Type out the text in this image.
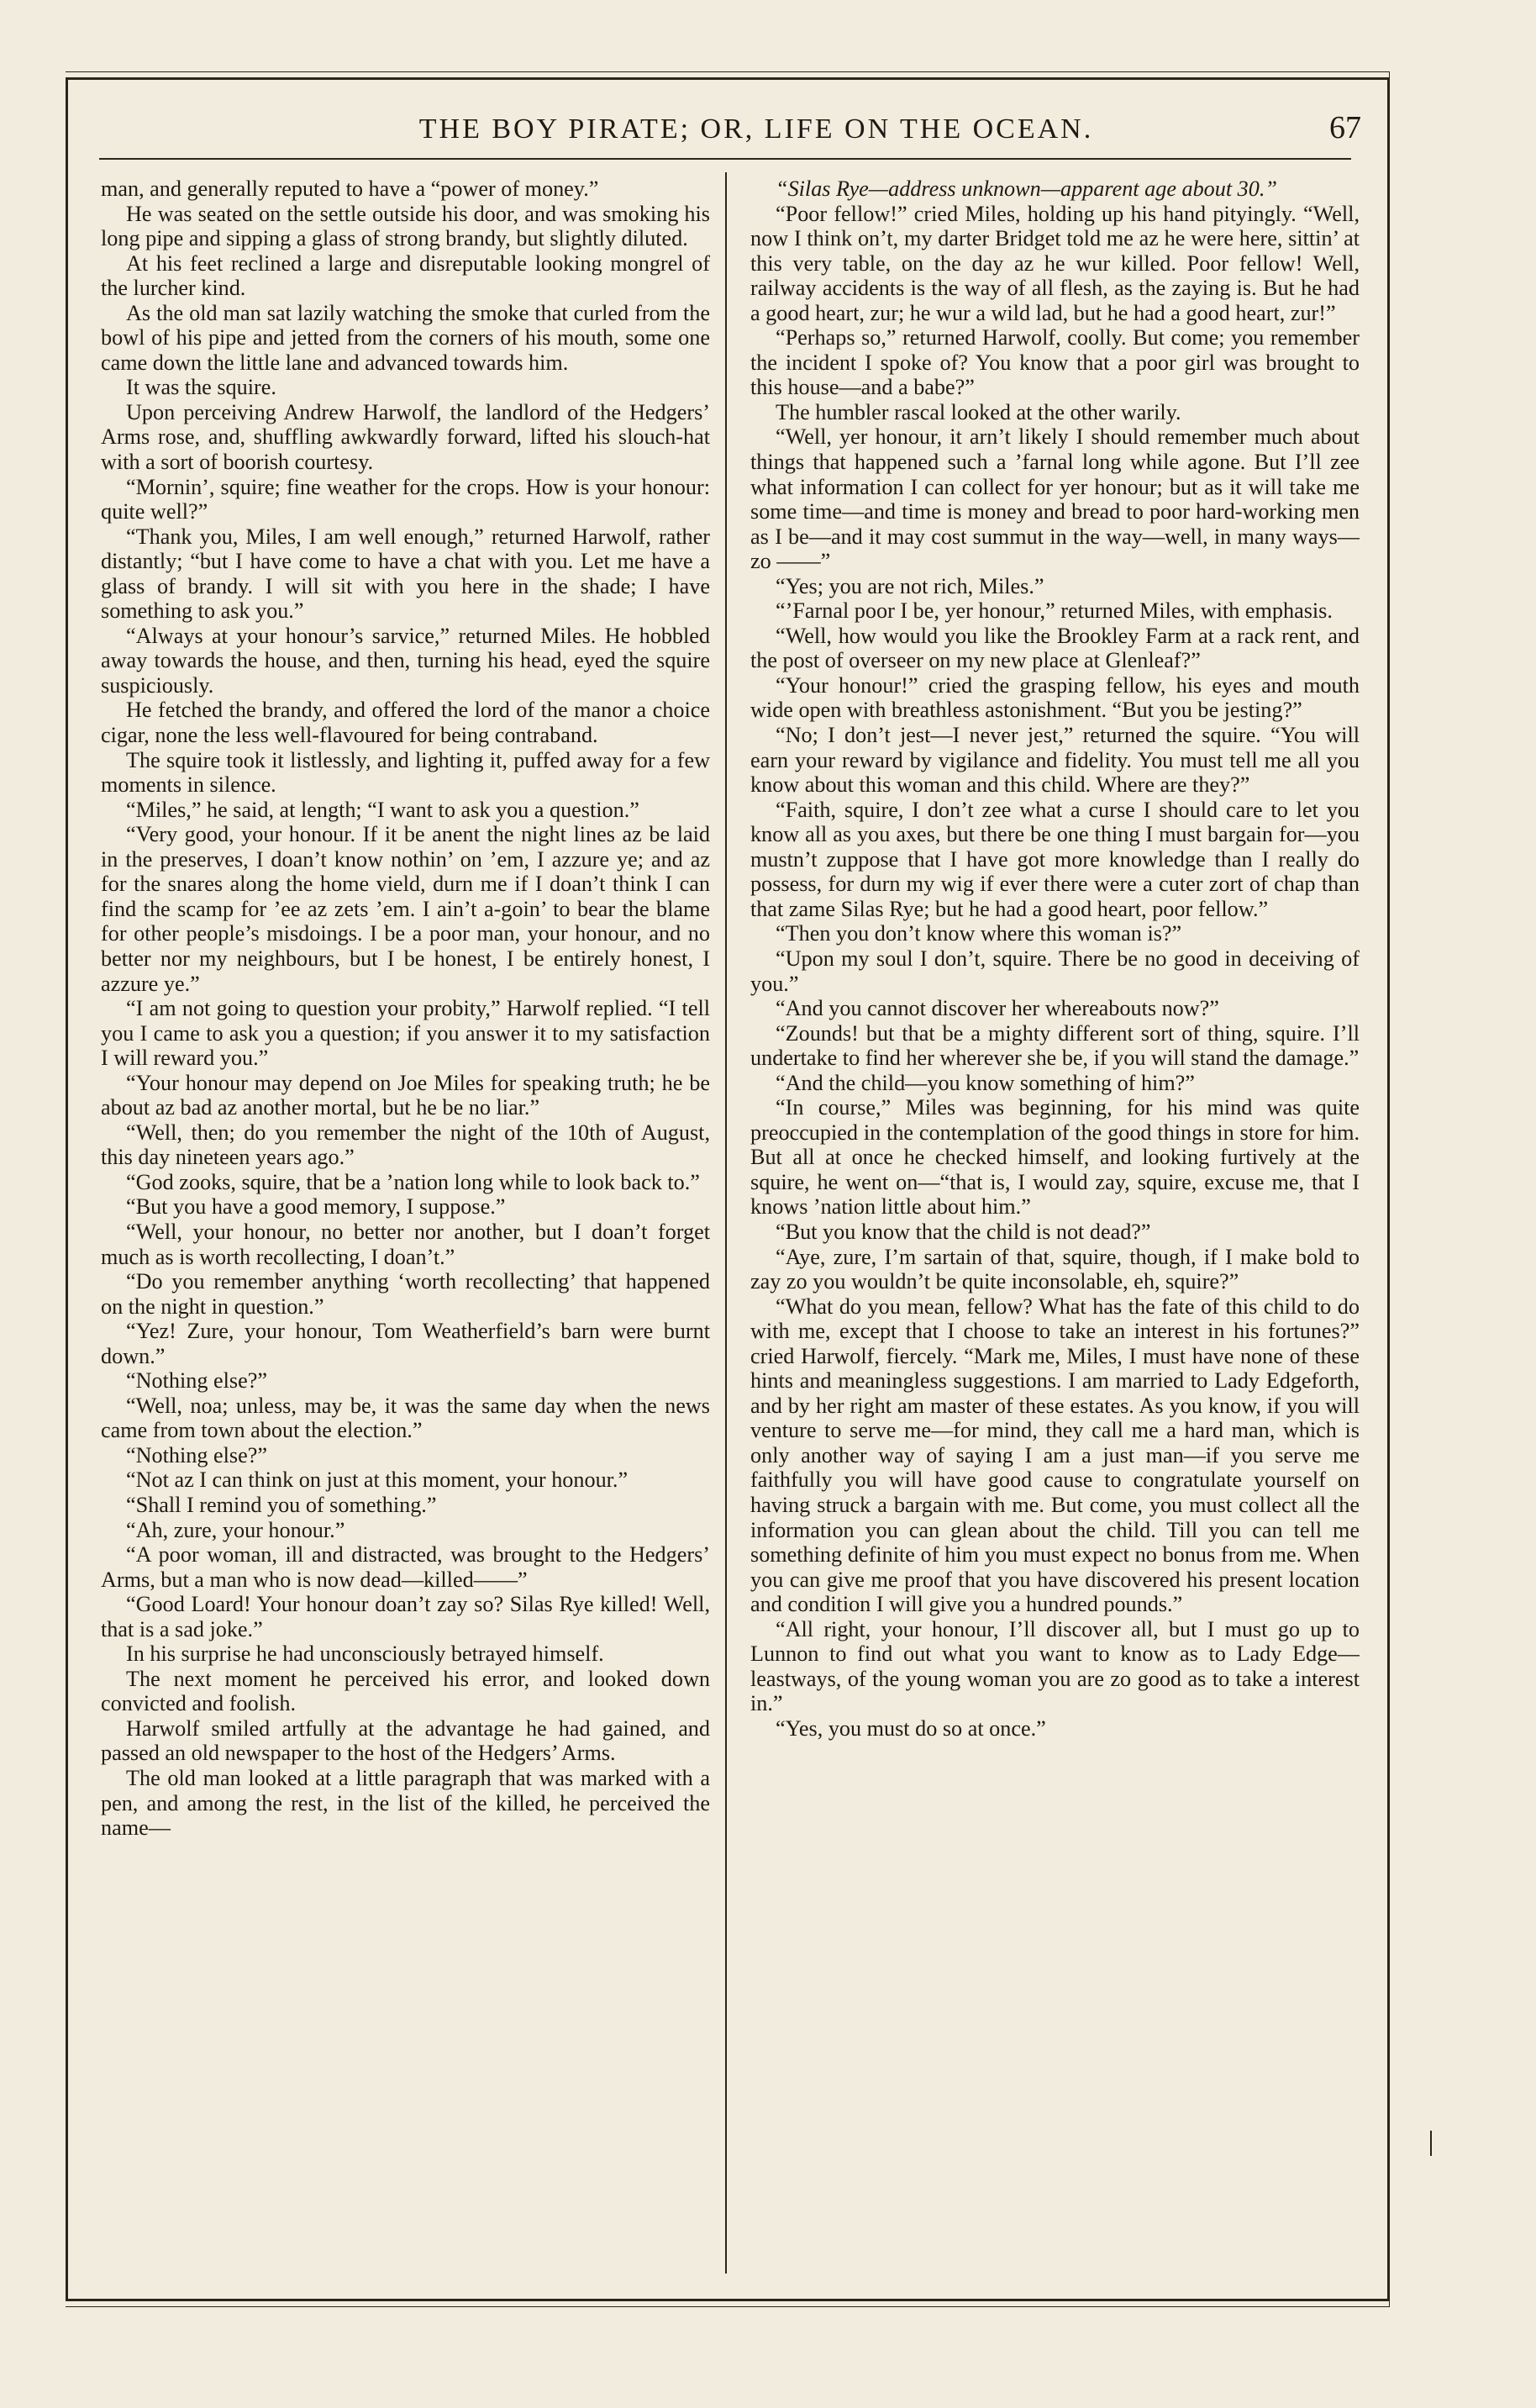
THE BOY PIRATE; OR, LIFE ON THE OCEAN.	67

man, and generally reputed to have a “power of money.”

He was seated on the settle outside his door, and was smoking his long pipe and sipping a glass of strong brandy, but slightly diluted.

At his feet reclined a large and disreputable looking mongrel of the lurcher kind.

As the old man sat lazily watching the smoke that curled from the bowl of his pipe and jetted from the corners of his mouth, some one came down the little lane and advanced towards him.

It was the squire.

Upon perceiving Andrew Harwolf, the landlord of the Hedgers’ Arms rose, and, shuffling awkwardly forward, lifted his slouch-hat with a sort of boorish courtesy.

“Mornin’, squire; fine weather for the crops. How is your honour: quite well?”

“Thank you, Miles, I am well enough,” returned Harwolf, rather distantly; “but I have come to have a chat with you. Let me have a glass of brandy. I will sit with you here in the shade; I have something to ask you.”

“Always at your honour’s sarvice,” returned Miles. He hobbled away towards the house, and then, turning his head, eyed the squire suspiciously.

He fetched the brandy, and offered the lord of the manor a choice cigar, none the less well-flavoured for being contraband.

The squire took it listlessly, and lighting it, puffed away for a few moments in silence.

“Miles,” he said, at length; “I want to ask you a question.”

“Very good, your honour. If it be anent the night lines az be laid in the preserves, I doan’t know nothin’ on ’em, I azzure ye; and az for the snares along the home vield, durn me if I doan’t think I can find the scamp for ’ee az zets ’em. I ain’t a-goin’ to bear the blame for other people’s misdoings. I be a poor man, your honour, and no better nor my neighbours, but I be honest, I be entirely honest, I azzure ye.”

“I am not going to question your probity,” Harwolf replied. “I tell you I came to ask you a question; if you answer it to my satisfaction I will reward you.”

“Your honour may depend on Joe Miles for speaking truth; he be about az bad az another mortal, but he be no liar.”

“Well, then; do you remember the night of the 10th of August, this day nineteen years ago.”

“God zooks, squire, that be a ’nation long while to look back to.”

“But you have a good memory, I suppose.”

“Well, your honour, no better nor another, but I doan’t forget much as is worth recollecting, I doan’t.”

“Do you remember anything ‘worth recollecting’ that happened on the night in question.”

“Yez! Zure, your honour, Tom Weatherfield’s barn were burnt down.”

“Nothing else?”

“Well, noa; unless, may be, it was the same day when the news came from town about the election.”

“Nothing else?”

“Not az I can think on just at this moment, your honour.”

“Shall I remind you of something.”

“Ah, zure, your honour.”

“A poor woman, ill and distracted, was brought to the Hedgers’ Arms, but a man who is now dead—killed——”

“Good Loard! Your honour doan’t zay so? Silas Rye killed! Well, that is a sad joke.”

In his surprise he had unconsciously betrayed himself.

The next moment he perceived his error, and looked down convicted and foolish.

Harwolf smiled artfully at the advantage he had gained, and passed an old newspaper to the host of the Hedgers’ Arms.

The old man looked at a little paragraph that was marked with a pen, and among the rest, in the list of the killed, he perceived the name—

“Silas Rye—address unknown—apparent age about 30.”

“Poor fellow!” cried Miles, holding up his hand pityingly. “Well, now I think on’t, my darter Bridget told me az he were here, sittin’ at this very table, on the day az he wur killed. Poor fellow! Well, railway accidents is the way of all flesh, as the zaying is. But he had a good heart, zur; he wur a wild lad, but he had a good heart, zur!”

“Perhaps so,” returned Harwolf, coolly. But come; you remember the incident I spoke of? You know that a poor girl was brought to this house—and a babe?”

The humbler rascal looked at the other warily.

“Well, yer honour, it arn’t likely I should remember much about things that happened such a ’farnal long while agone. But I’ll zee what information I can collect for yer honour; but as it will take me some time—and time is money and bread to poor hard-working men as I be—and it may cost summut in the way—well, in many ways—zo ——”

“Yes; you are not rich, Miles.”

“’Farnal poor I be, yer honour,” returned Miles, with emphasis.

“Well, how would you like the Brookley Farm at a rack rent, and the post of overseer on my new place at Glenleaf?”

“Your honour!” cried the grasping fellow, his eyes and mouth wide open with breathless astonishment. “But you be jesting?”

“No; I don’t jest—I never jest,” returned the squire. “You will earn your reward by vigilance and fidelity. You must tell me all you know about this woman and this child. Where are they?”

“Faith, squire, I don’t zee what a curse I should care to let you know all as you axes, but there be one thing I must bargain for—you mustn’t zuppose that I have got more knowledge than I really do possess, for durn my wig if ever there were a cuter zort of chap than that zame Silas Rye; but he had a good heart, poor fellow.”

“Then you don’t know where this woman is?”

“Upon my soul I don’t, squire. There be no good in deceiving of you.”

“And you cannot discover her whereabouts now?”

“Zounds! but that be a mighty different sort of thing, squire. I’ll undertake to find her wherever she be, if you will stand the damage.”

“And the child—you know something of him?”

“In course,” Miles was beginning, for his mind was quite preoccupied in the contemplation of the good things in store for him. But all at once he checked himself, and looking furtively at the squire, he went on—“that is, I would zay, squire, excuse me, that I knows ’nation little about him.”

“But you know that the child is not dead?”

“Aye, zure, I’m sartain of that, squire, though, if I make bold to zay zo you wouldn’t be quite inconsolable, eh, squire?”

“What do you mean, fellow? What has the fate of this child to do with me, except that I choose to take an interest in his fortunes?” cried Harwolf, fiercely. “Mark me, Miles, I must have none of these hints and meaningless suggestions. I am married to Lady Edgeforth, and by her right am master of these estates. As you know, if you will venture to serve me—for mind, they call me a hard man, which is only another way of saying I am a just man—if you serve me faithfully you will have good cause to congratulate yourself on having struck a bargain with me. But come, you must collect all the information you can glean about the child. Till you can tell me something definite of him you must expect no bonus from me. When you can give me proof that you have discovered his present location and condition I will give you a hundred pounds.”

“All right, your honour, I’ll discover all, but I must go up to Lunnon to find out what you want to know as to Lady Edge—leastways, of the young woman you are zo good as to take a interest in.”

“Yes, you must do so at once.”
